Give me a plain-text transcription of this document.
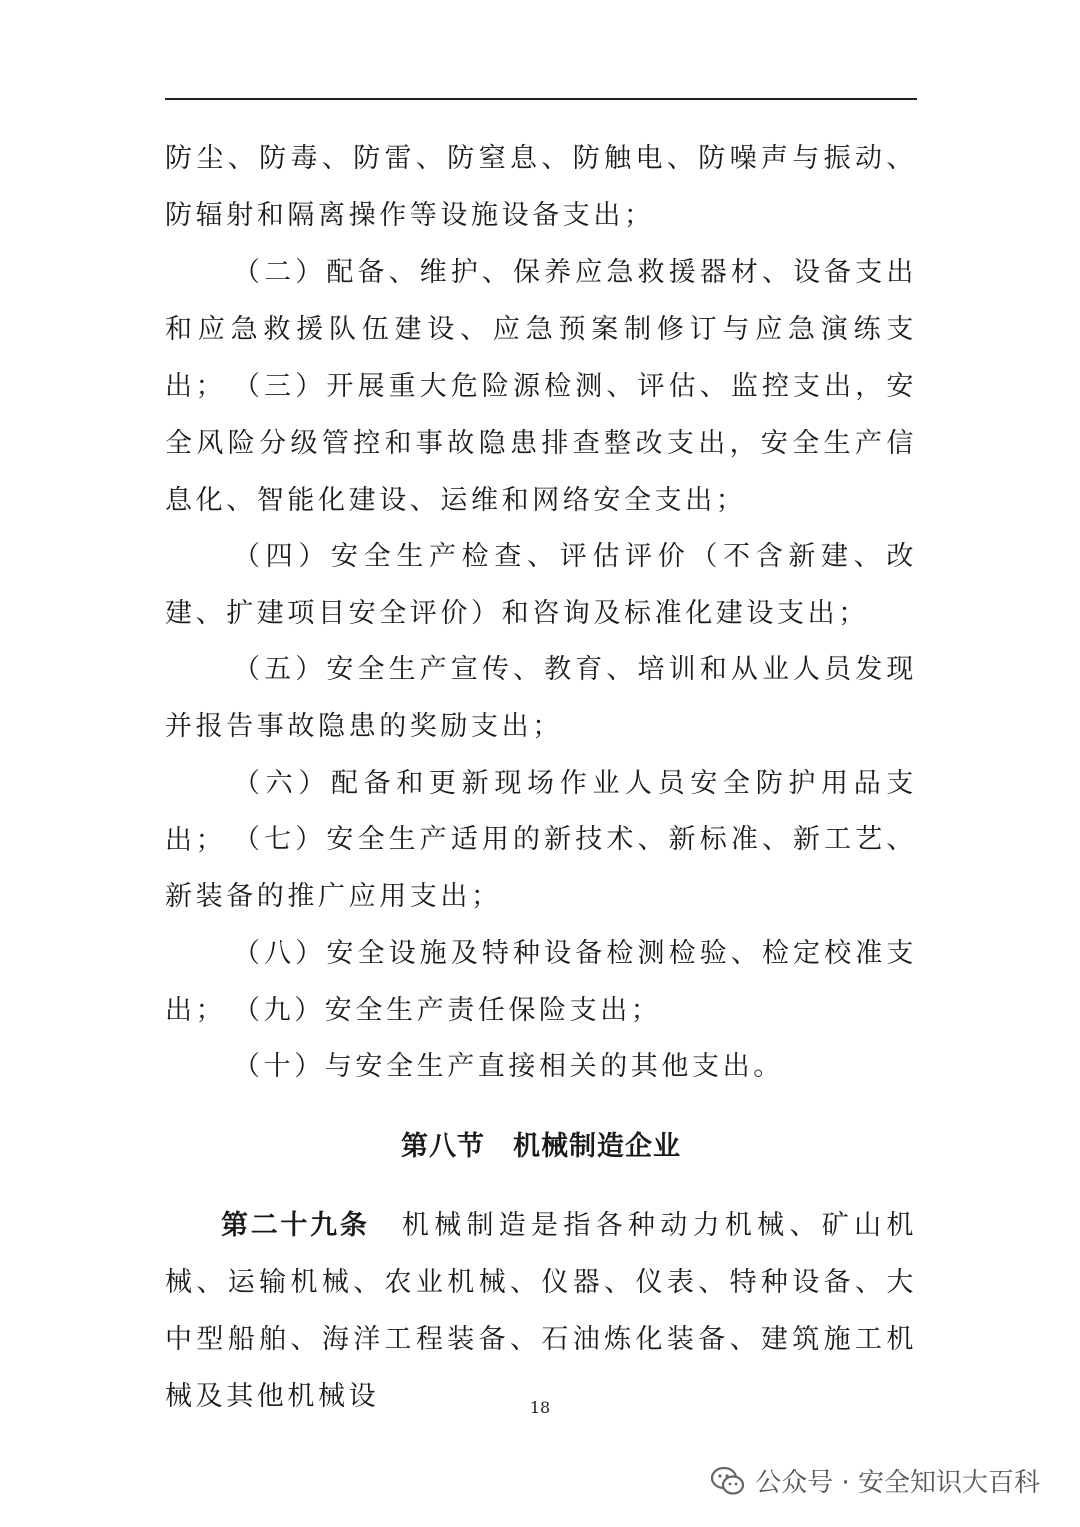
防尘、防毒、防雷、防窒息、防触电、防噪声与振动、防辐射和隔离操作等设施设备支出；

（二）配备、维护、保养应急救援器材、设备支出和应急救援队伍建设、应急预案制修订与应急演练支出； （三）开展重大危险源检测、评估、监控支出，安全风险分级管控和事故隐患排查整改支出，安全生产信息化、智能化建设、运维和网络安全支出；

（四）安全生产检查、评估评价（不含新建、改建、扩建项目安全评价）和咨询及标准化建设支出；

（五）安全生产宣传、教育、培训和从业人员发现并报告事故隐患的奖励支出；

（六）配备和更新现场作业人员安全防护用品支出； （七）安全生产适用的新技术、新标准、新工艺、新装备的推广应用支出；

（八）安全设施及特种设备检测检验、检定校准支出； （九）安全生产责任保险支出；

（十）与安全生产直接相关的其他支出。

第八节　机械制造企业

第二十九条　 机械制造是指各种动力机械、矿山机械、运输机械、农业机械、仪器、仪表、特种设备、大中型船舶、海洋工程装备、石油炼化装备、建筑施工机械及其他机械设	18
公众号 · 安全知识大百科
